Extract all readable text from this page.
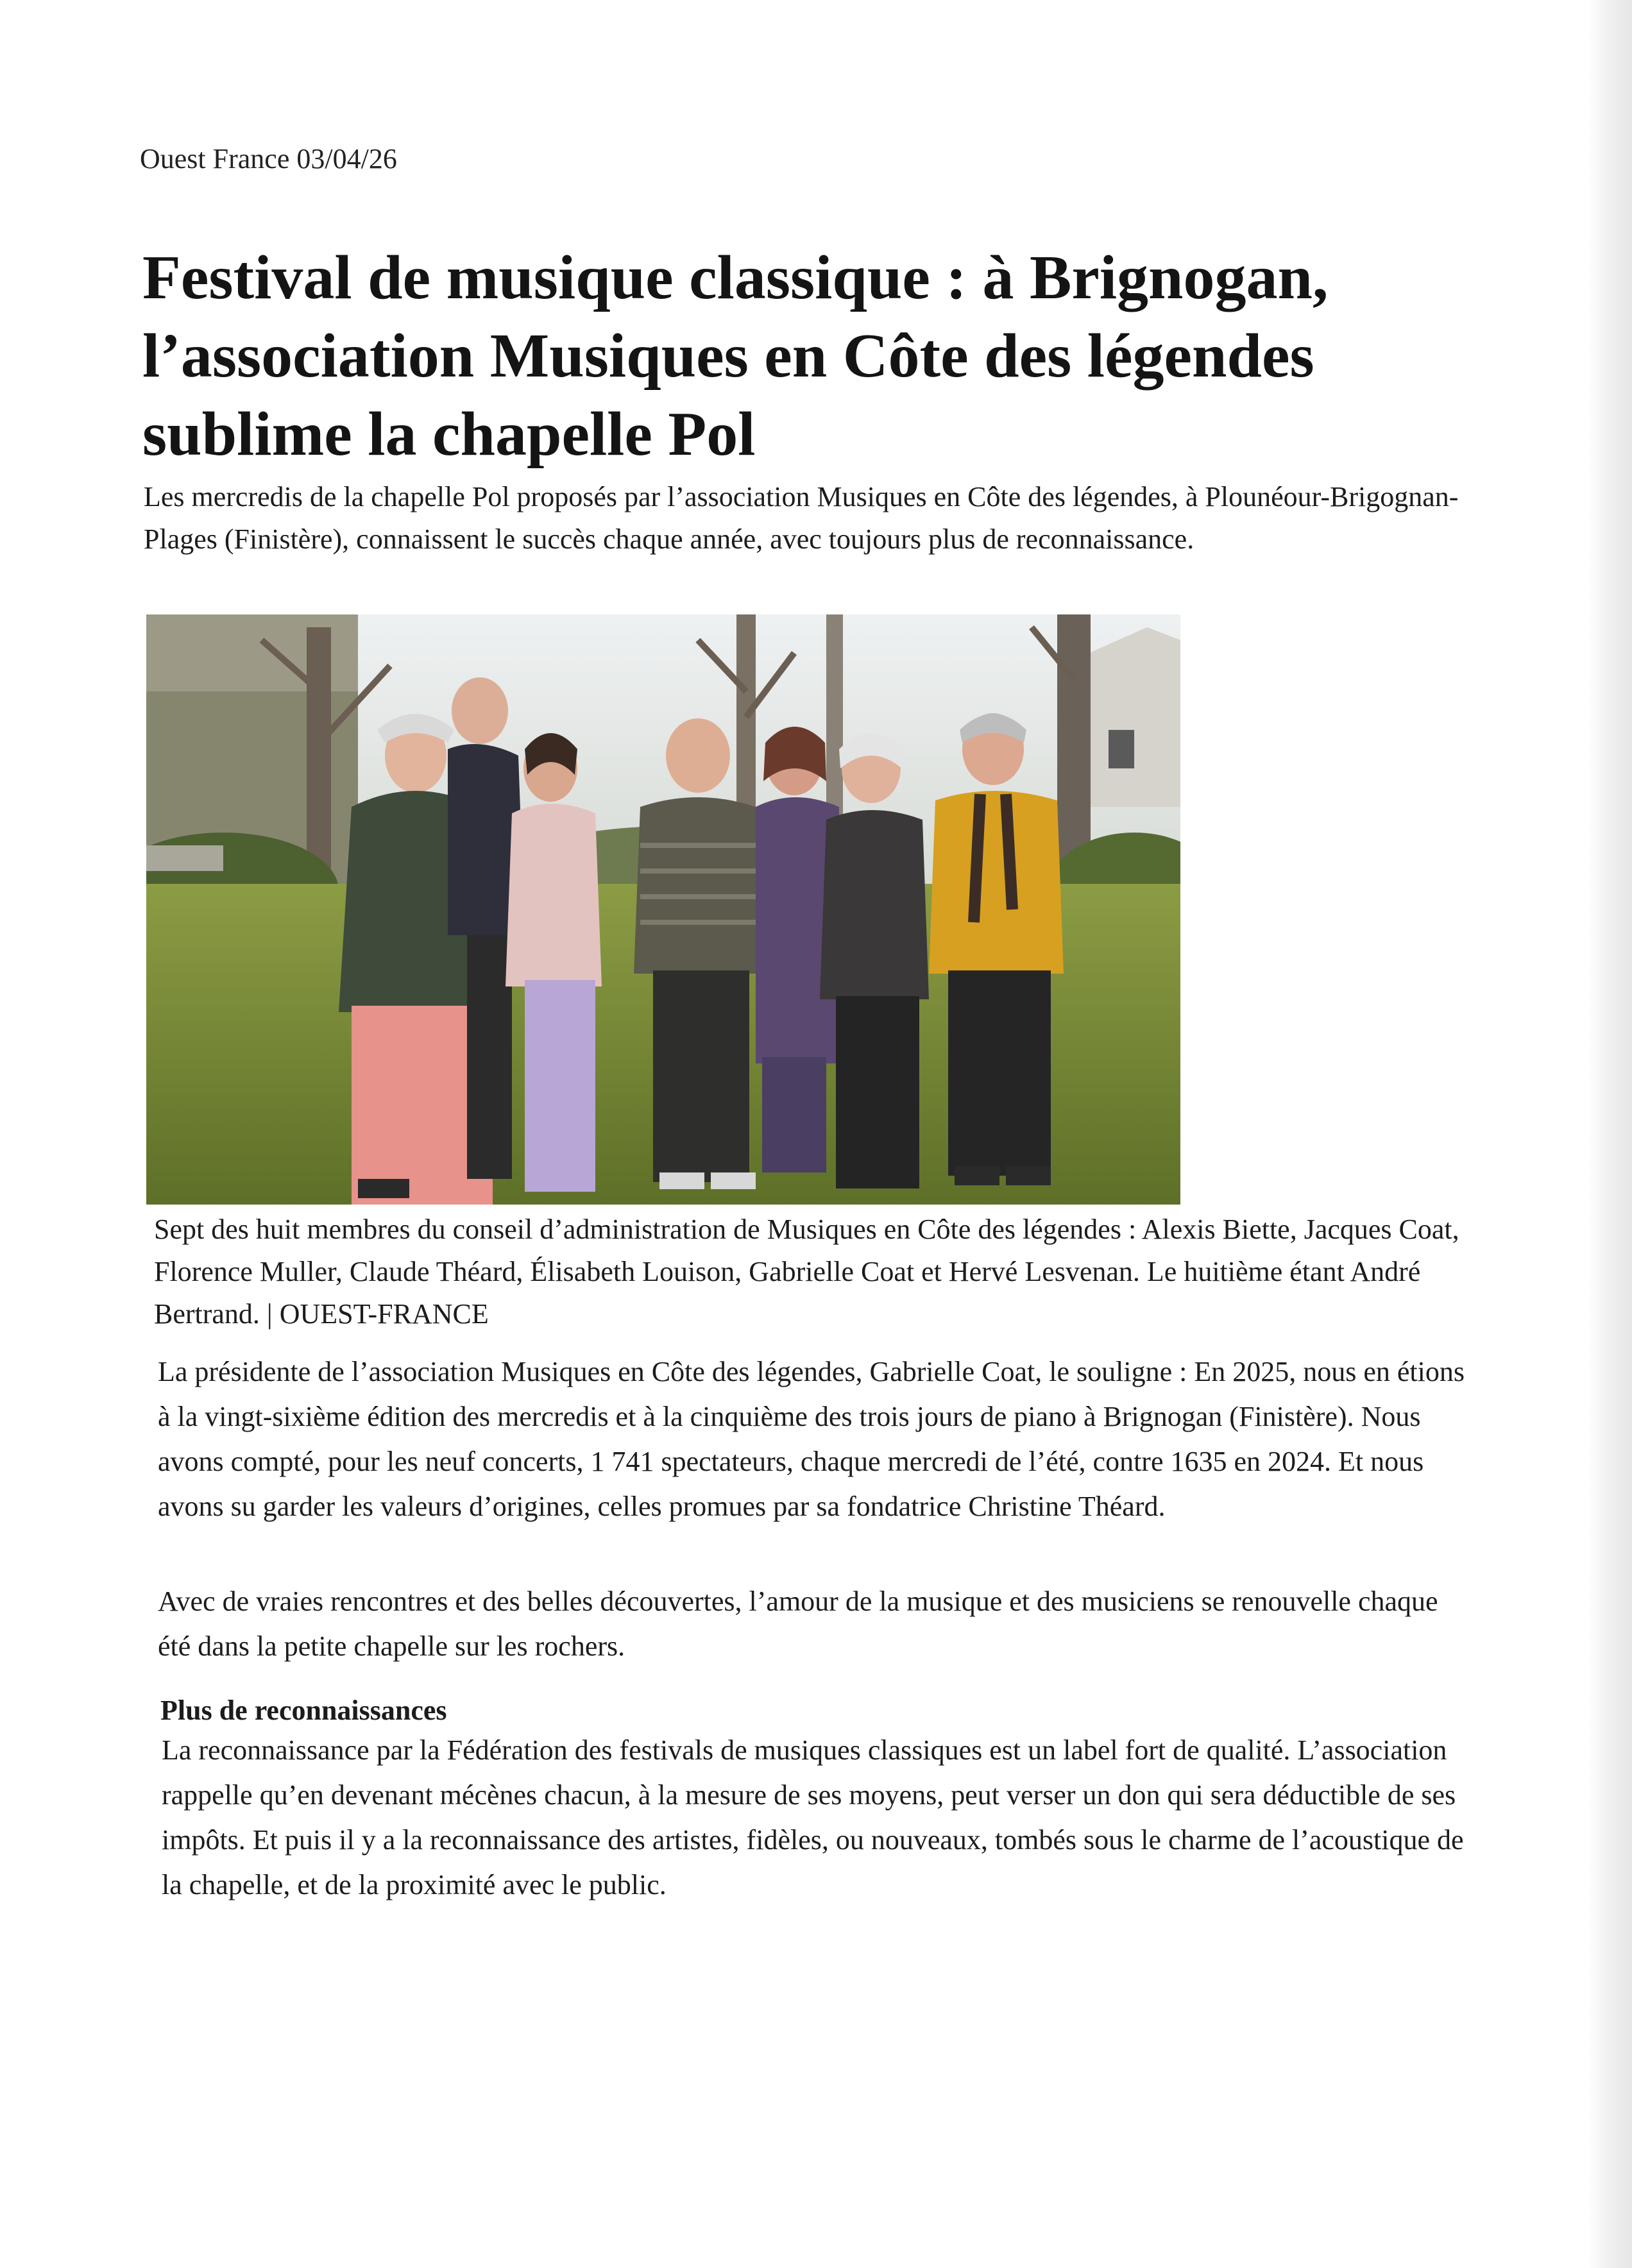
Ouest France 03/04/26
Festival de musique classique : à Brignogan, l’association Musiques en Côte des légendes sublime la chapelle Pol

Les mercredis de la chapelle Pol proposés par l’association Musiques en Côte des légendes, à Plounéour-Brigognan-Plages (Finistère), connaissent le succès chaque année, avec toujours plus de reconnaissance.

Sept des huit membres du conseil d’administration de Musiques en Côte des légendes : Alexis Biette, Jacques Coat, Florence Muller, Claude Théard, Élisabeth Louison, Gabrielle Coat et Hervé Lesvenan. Le huitième étant André Bertrand. | OUEST-FRANCE

La présidente de l’association Musiques en Côte des légendes, Gabrielle Coat, le souligne : En 2025, nous en étions à la vingt-sixième édition des mercredis et à la cinquième des trois jours de piano à Brignogan (Finistère). Nous avons compté, pour les neuf concerts, 1 741 spectateurs, chaque mercredi de l’été, contre 1635 en 2024. Et nous avons su garder les valeurs d’origines, celles promues par sa fondatrice Christine Théard.

Avec de vraies rencontres et des belles découvertes, l’amour de la musique et des musiciens se renouvelle chaque été dans la petite chapelle sur les rochers.

Plus de reconnaissances

La reconnaissance par la Fédération des festivals de musiques classiques est un label fort de qualité. L’association rappelle qu’en devenant mécènes chacun, à la mesure de ses moyens, peut verser un don qui sera déductible de ses impôts. Et puis il y a la reconnaissance des artistes, fidèles, ou nouveaux, tombés sous le charme de l’acoustique de la chapelle, et de la proximité avec le public.
